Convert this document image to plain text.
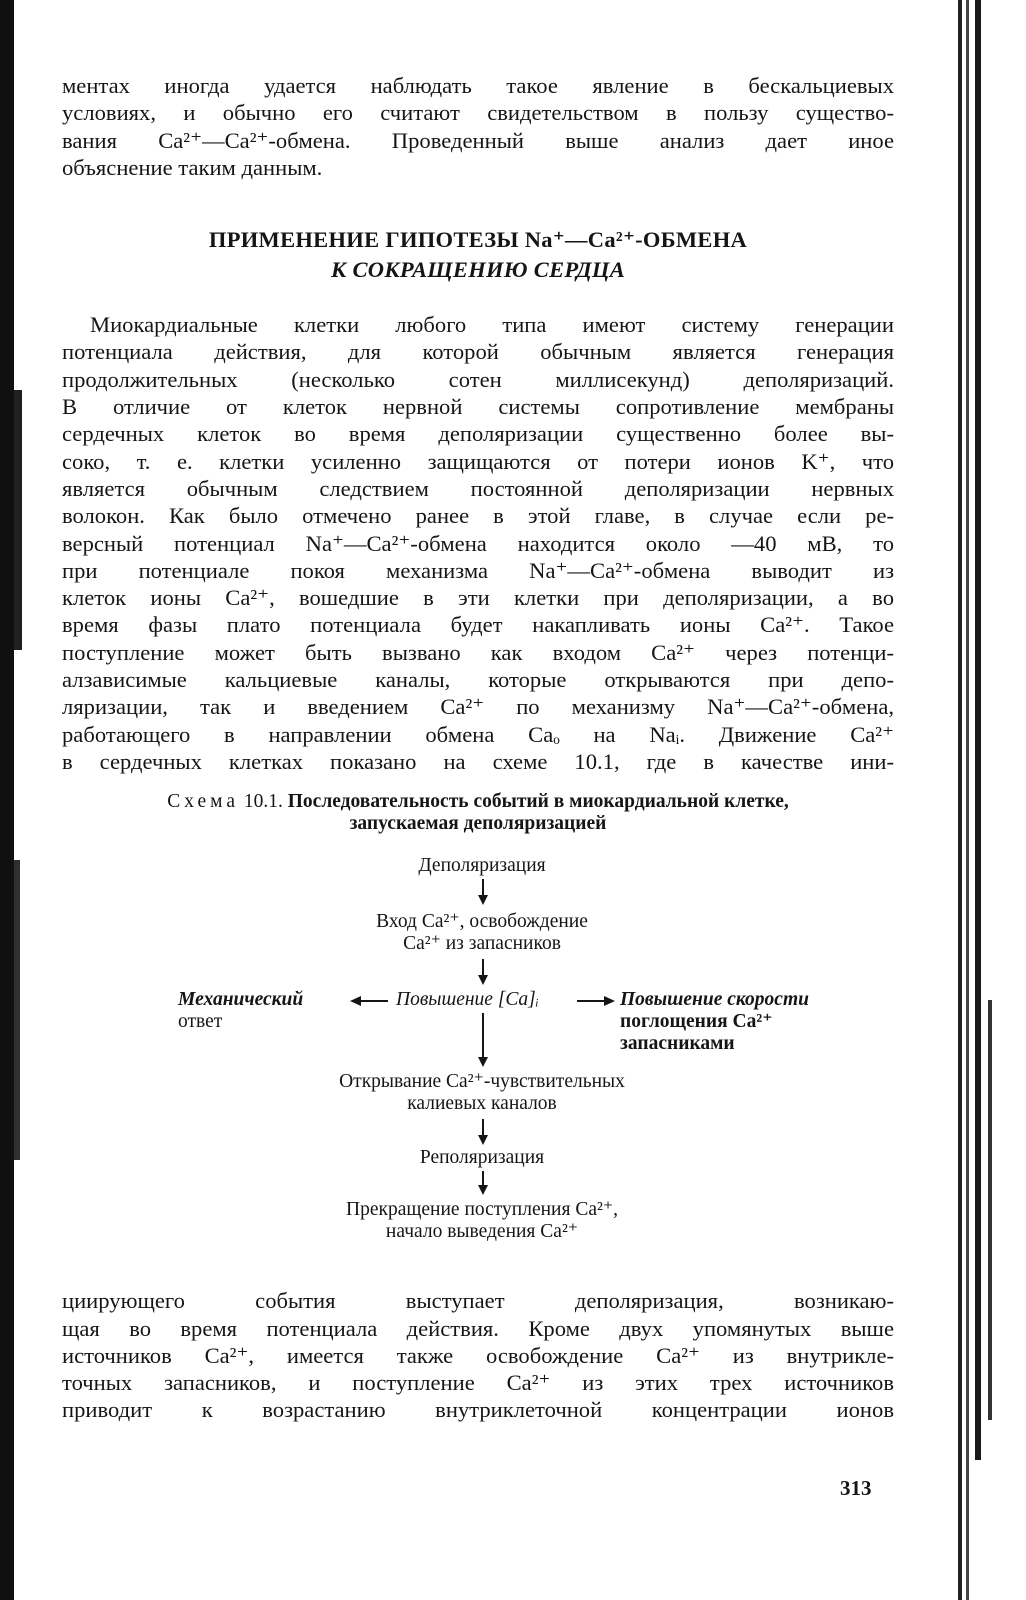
ментах иногда удается наблюдать такое явление в бескальциевых
условиях, и обычно его считают свидетельством в пользу существо-
вания Ca²⁺—Ca²⁺-обмена. Проведенный выше анализ дает иное
объяснение таким данным.

ПРИМЕНЕНИЕ ГИПОТЕЗЫ Na⁺—Ca²⁺-ОБМЕНА
К СОКРАЩЕНИЮ СЕРДЦА

Миокардиальные клетки любого типа имеют систему генерации
потенциала действия, для которой обычным является генерация
продолжительных (несколько сотен миллисекунд) деполяризаций.
В отличие от клеток нервной системы сопротивление мембраны
сердечных клеток во время деполяризации существенно более вы-
соко, т. е. клетки усиленно защищаются от потери ионов K⁺, что
является обычным следствием постоянной деполяризации нервных
волокон. Как было отмечено ранее в этой главе, в случае если ре-
версный потенциал Na⁺—Ca²⁺-обмена находится около —40 мВ, то
при потенциале покоя механизма Na⁺—Ca²⁺-обмена выводит из
клеток ионы Ca²⁺, вошедшие в эти клетки при деполяризации, а во
время фазы плато потенциала будет накапливать ионы Ca²⁺. Такое
поступление может быть вызвано как входом Ca²⁺ через потенци-
алзависимые кальциевые каналы, которые открываются при депо-
ляризации, так и введением Ca²⁺ по механизму Na⁺—Ca²⁺-обмена,
работающего в направлении обмена Caₒ на Naᵢ. Движение Ca²⁺
в сердечных клетках показано на схеме 10.1, где в качестве ини-

Схема 10.1. Последовательность событий в миокардиальной клетке,
запускаемая деполяризацией
Деполяризация
Вход Ca²⁺, освобождение
Ca²⁺ из запасников
Механический
ответ
Повышение [Ca]ᵢ	Повышение скорости
поглощения Ca²⁺
запасниками
Открывание Ca²⁺-чувствительных
калиевых каналов
Реполяризация
Прекращение поступления Ca²⁺,
начало выведения Ca²⁺

циирующего события выступает деполяризация, возникаю-
щая во время потенциала действия. Кроме двух упомянутых выше
источников Ca²⁺, имеется также освобождение Ca²⁺ из внутрикле-
точных запасников, и поступление Ca²⁺ из этих трех источников
приводит к возрастанию внутриклеточной концентрации ионов

313
